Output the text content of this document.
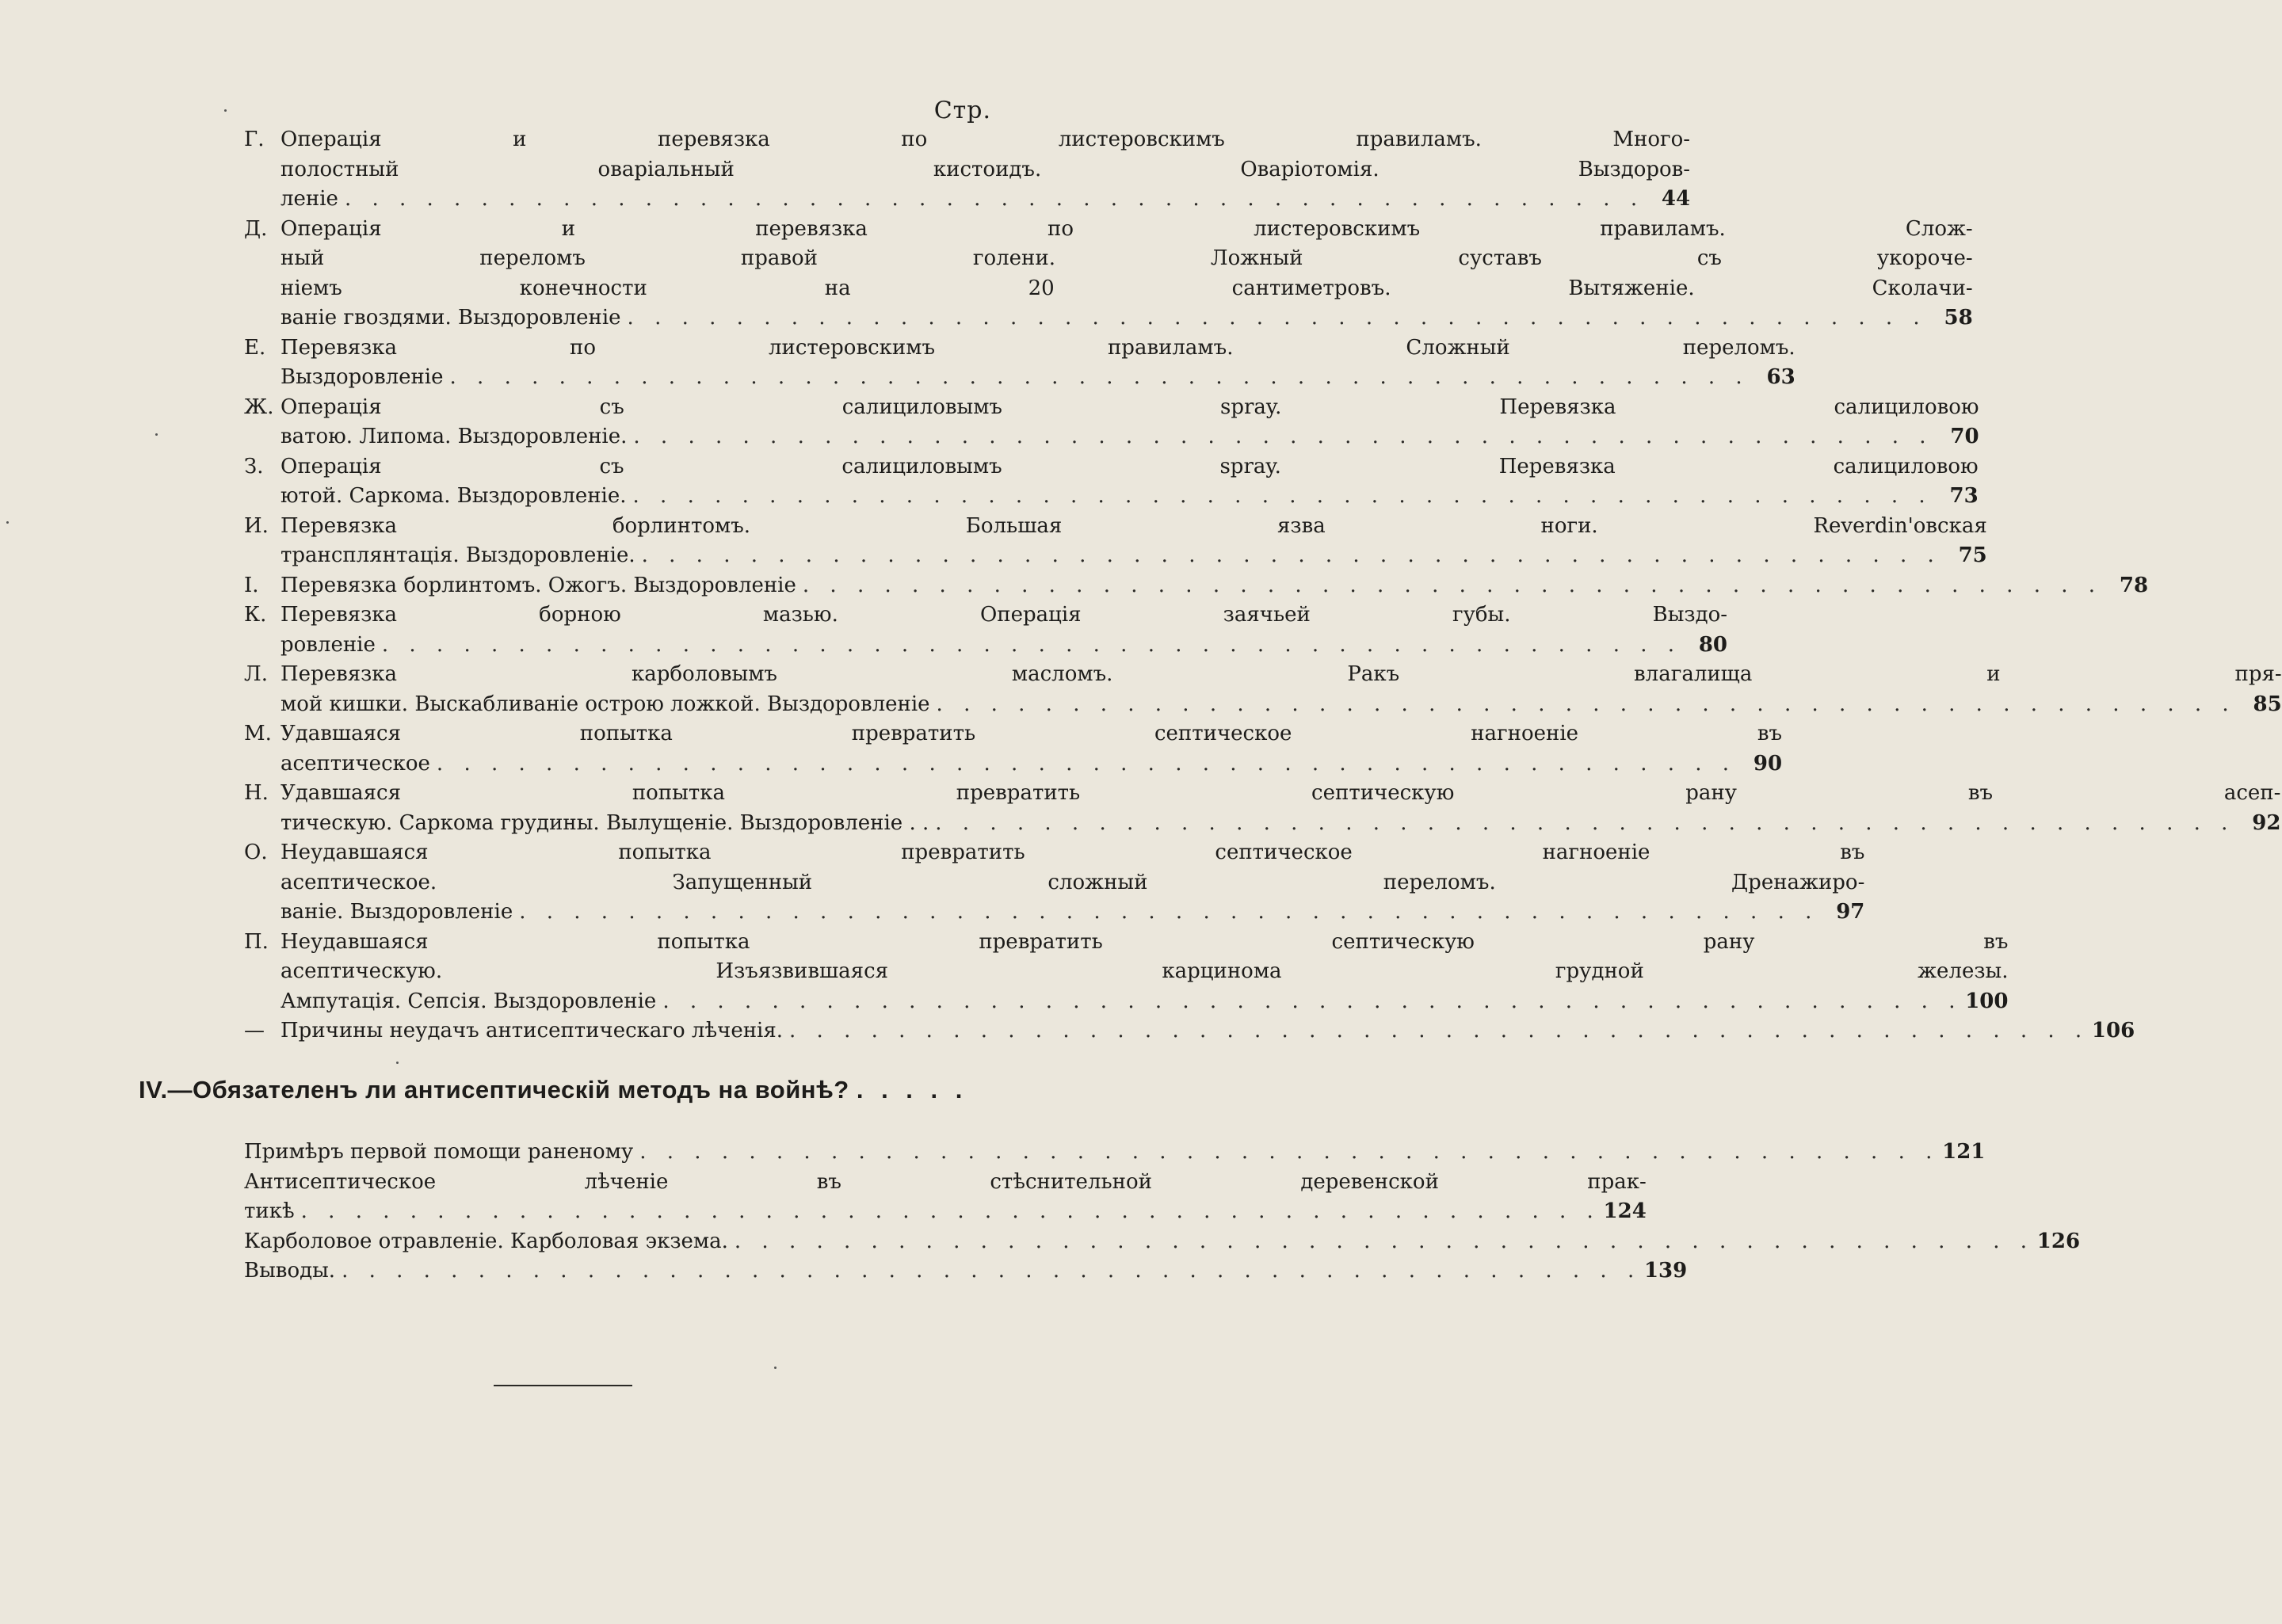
Стр.
Г. Операція и перевязка по листеровскимъ правиламъ. Много-
полостный оваріальный кистоидъ. Оваріотомія. Выздоров-
леніе . . .	44
Д. Операція и перевязка по листеровскимъ правиламъ. Слож-
ный переломъ правой голени. Ложный суставъ съ укороче-
ніемъ конечности на 20 сантиметровъ. Вытяженіе. Сколачи-
ваніе гвоздями. Выздоровленіе . . .	58
Е. Перевязка по листеровскимъ правиламъ. Сложный переломъ.
Выздоровленіе . . .	63
Ж. Операція съ салициловымъ spray. Перевязка салициловою
ватою. Липома. Выздоровленіе. . . .	70
З. Операція съ салициловымъ spray. Перевязка салициловою
ютой. Саркома. Выздоровленіе. . . .	73
И. Перевязка борлинтомъ. Большая язва ноги. Reverdin'овская
трансплянтація. Выздоровленіе. . . .	75
І.	Перевязка борлинтомъ. Ожогъ. Выздоровленіе . . .	78
К. Перевязка борною мазью. Операція заячьей губы. Выздо-
ровленіе . . .	80
Л. Перевязка карболовымъ масломъ. Ракъ влагалища и пря-
мой кишки. Выскабливаніе острою ложкой. Выздоровленіе . . .	85
М. Удавшаяся попытка превратить септическое нагноеніе въ
асептическое . . .	90
Н. Удавшаяся попытка превратить септическую рану въ асеп-
тическую. Саркома грудины. Вылущеніе. Выздоровленіе . . . . .	92
О. Неудавшаяся попытка превратить септическое нагноеніе въ
асептическое. Запущенный сложный переломъ. Дренажиро-
ваніе. Выздоровленіе . . .	97
П. Неудавшаяся попытка превратить септическую рану въ
асептическую. Изъязвившаяся карцинома грудной железы.
Ампутація. Сепсія. Выздоровленіе . . .	100
— Причины неудачъ антисептическаго лѣченія. . . .	106
IV.—Обязателенъ ли антисептическій методъ на войнѣ? . . . . .
Примѣръ первой помощи раненому . . .	121
Антисептическое лѣченіе въ стѣснительной деревенской прак-
тикѣ . . .	124
Карболовое отравленіе. Карболовая экзема. . . .	126
Выводы. . . .	139
